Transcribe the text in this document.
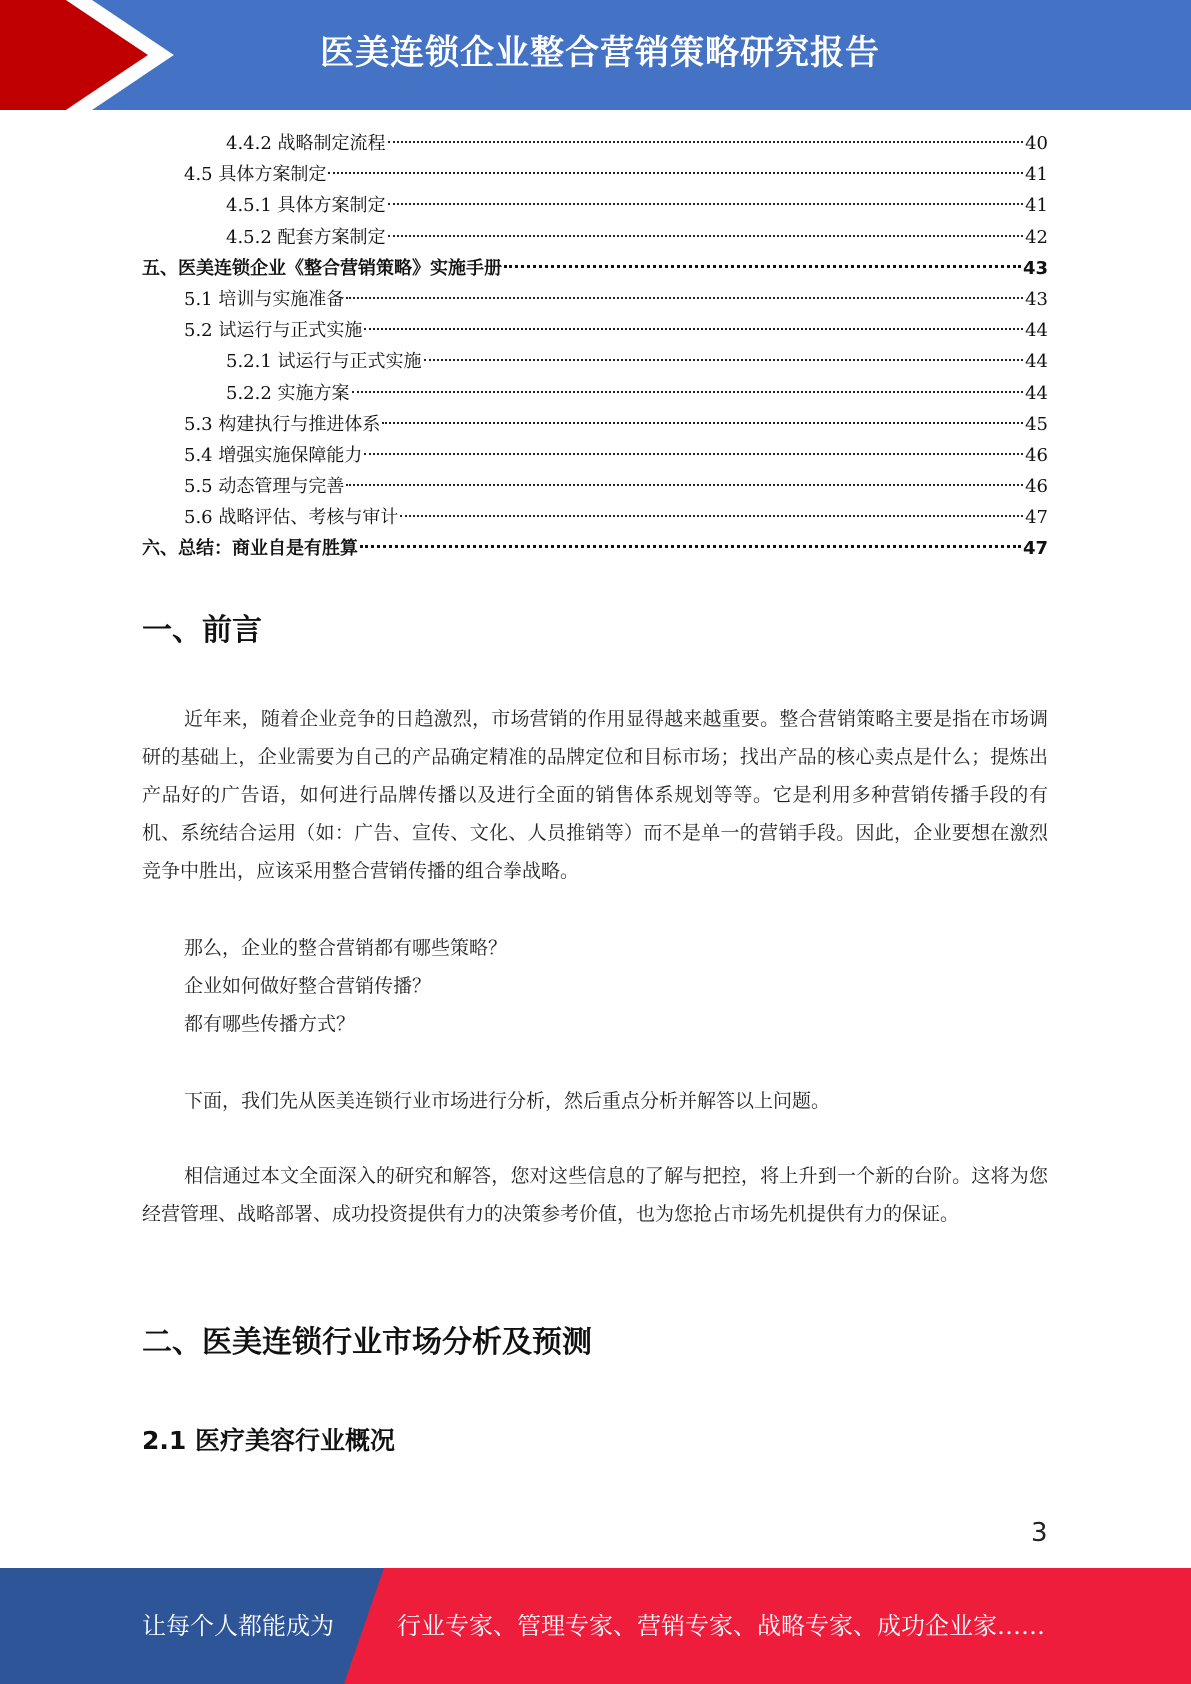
医美连锁企业整合营销策略研究报告
4.4.2 战略制定流程	40
4.5 具体方案制定	41
4.5.1 具体方案制定	41
4.5.2 配套方案制定	42
五、医美连锁企业《整合营销策略》实施手册	43
5.1 培训与实施准备	43
5.2 试运行与正式实施	44
5.2.1 试运行与正式实施	44
5.2.2 实施方案	44
5.3 构建执行与推进体系	45
5.4 增强实施保障能力	46
5.5 动态管理与完善	46
5.6 战略评估、考核与审计	47
六、总结：商业自是有胜算	47
一、前言

近年来，随着企业竞争的日趋激烈，市场营销的作用显得越来越重要。整合营销策略主要是指在市场调研的基础上，企业需要为自己的产品确定精准的品牌定位和目标市场；找出产品的核心卖点是什么；提炼出产品好的广告语，如何进行品牌传播以及进行全面的销售体系规划等等。它是利用多种营销传播手段的有机、系统结合运用（如：广告、宣传、文化、人员推销等）而不是单一的营销手段。因此，企业要想在激烈竞争中胜出，应该采用整合营销传播的组合拳战略。

那么，企业的整合营销都有哪些策略？
企业如何做好整合营销传播？
都有哪些传播方式？

下面，我们先从医美连锁行业市场进行分析，然后重点分析并解答以上问题。

相信通过本文全面深入的研究和解答，您对这些信息的了解与把控，将上升到一个新的台阶。这将为您经营管理、战略部署、成功投资提供有力的决策参考价值，也为您抢占市场先机提供有力的保证。

二、医美连锁行业市场分析及预测
2.1 医疗美容行业概况
3
让每个人都能成为	行业专家、管理专家、营销专家、战略专家、成功企业家……
